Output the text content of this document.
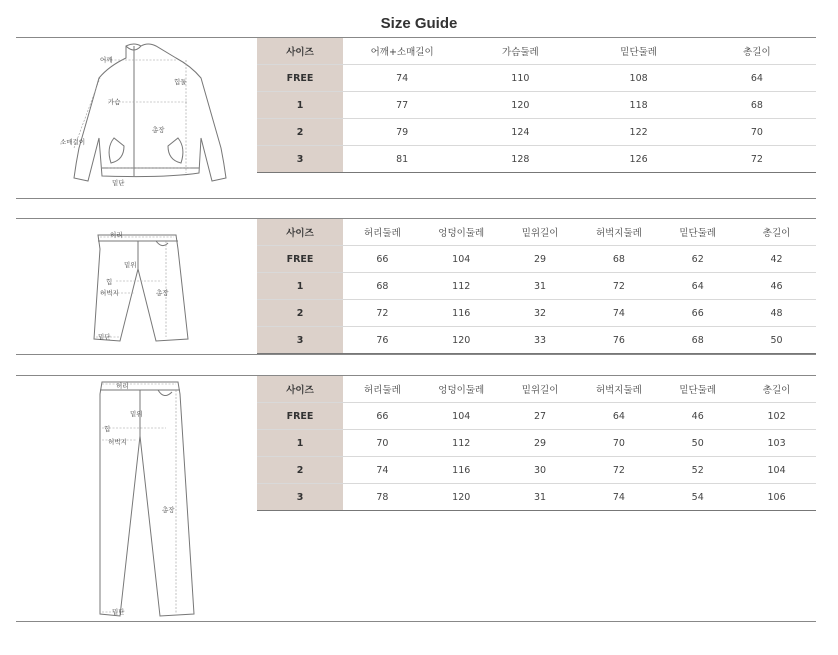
Size Guide
어깨
힙둘
가슴
소매길이
총장
밑단
사이즈	어깨+소매길이	가슴둘레	밑단둘레	총길이
FREE	74	110	108	64
1	77	120	118	68
2	79	124	122	70
3	81	128	126	72
허리
밑위
힙
허벅지	총장
밑단
사이즈	허리둘레	엉덩이둘레	밑위길이	허벅지둘레	밑단둘레	총길이
FREE	66	104	29	68	62	42
1	68	112	31	72	64	46
2	72	116	32	74	66	48
3	76	120	33	76	68	50
허리
밑위
힙
허벅지
총장
밑단
사이즈	허리둘레	엉덩이둘레	밑위길이	허벅지둘레	밑단둘레	총길이
FREE	66	104	27	64	46	102
1	70	112	29	70	50	103
2	74	116	30	72	52	104
3	78	120	31	74	54	106
